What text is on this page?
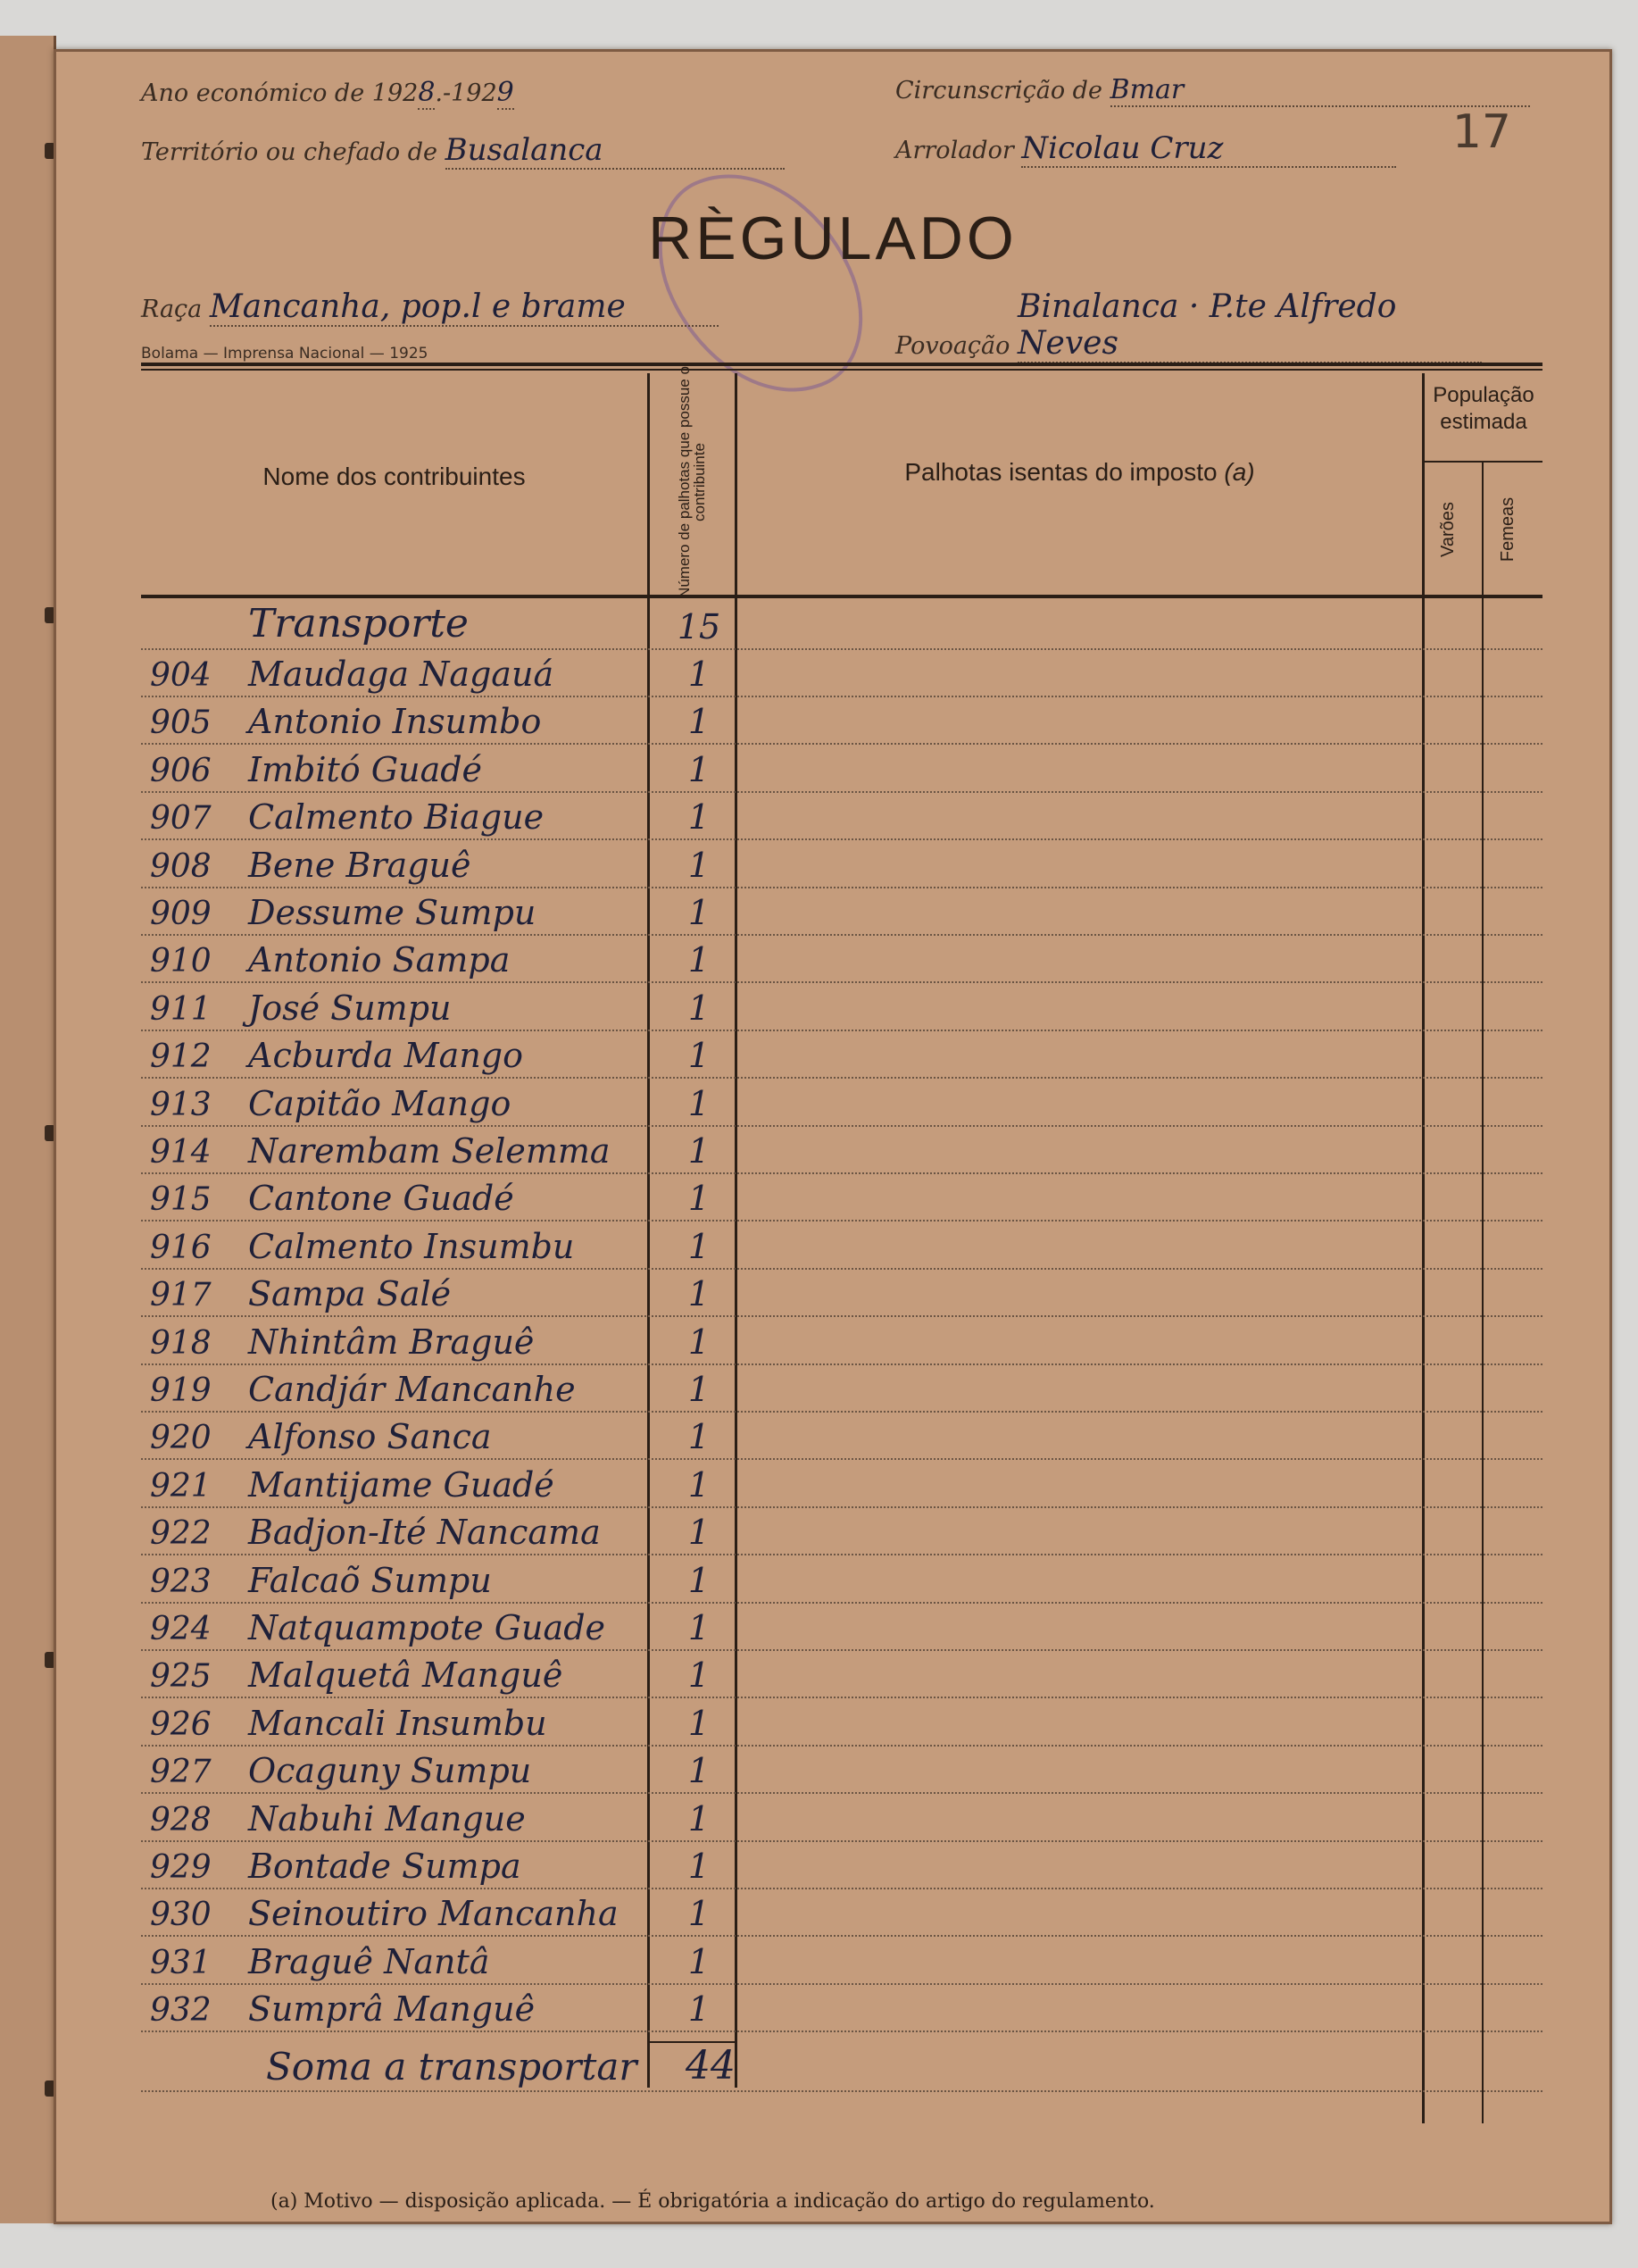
Ano económico de 1928.-1929	Circunscrição de Bmar
Território ou chefado de Busalanca	Arrolador Nicolau Cruz	17
RÈGULADO
Raça Mancanha, pop.l e brame
Povoação Binalanca · P.te Alfredo Neves
Bolama — Imprensa Nacional — 1925
Nome dos contribuintes	Número de palhotas que possue o contribuinte	Palhotas isentas do imposto (a)
População estimada
Varões	Femeas
Transporte	15
904 Maudaga Nagauá	1
905 Antonio Insumbo	1
906 Imbitó Guadé	1
907 Calmento Biague	1
908 Bene Braguê	1
909 Dessume Sumpu	1
910 Antonio Sampa	1
911 José Sumpu	1
912 Acburda Mango	1
913 Capitão Mango	1
914 Narembam Selemma	1
915 Cantone Guadé	1
916 Calmento Insumbu	1
917 Sampa Salé	1
918 Nhintâm Braguê	1
919 Candjár Mancanhe	1
920 Alfonso Sanca	1
921 Mantijame Guadé	1
922 Badjon-Ité Nancama	1
923 Falcaõ Sumpu	1
924 Natquampote Guade	1
925 Malquetâ Manguê	1
926 Mancali Insumbu	1
927 Ocaguny Sumpu	1
928 Nabuhi Mangue	1
929 Bontade Sumpa	1
930 Seinoutiro Mancanha	1
931 Braguê Nantâ	1
932 Sumprâ Manguê	1
Soma a transportar 44
(a) Motivo — disposição aplicada. — É obrigatória a indicação do artigo do regulamento.
